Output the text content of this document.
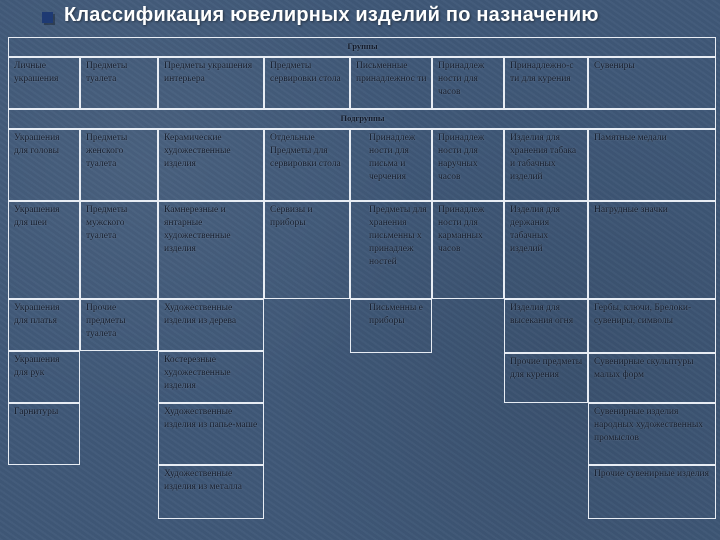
Классификация ювелирных изделий по назначению
Группы
Подгруппы
Личные украшения
Предметы туалета
Предметы украшения интерьера
Предметы сервировки стола
Письменные принадлежнос ти
Принадлеж ности для часов
Принадлежно-с ти для курения
Сувениры
Украшения для головы
Украшения для шеи
Украшения для платья
Украшения для рук
Гарнитуры
Предметы женского туалета
Предметы мужского туалета
Прочие предметы туалета
Керамические художественные изделия
Камнерезные и янтарные художественные изделия
Художественные изделия из дерева
Костерезные художественные изделия
Художественные изделия из папье-маше
Художественные изделия из металла
Отдельные Предметы для сервировки стола
Сервизы и приборы
Принадлеж ности для письма и черчения
Предметы для хранения письменны х принадлеж ностей
Письменны е приборы
Принадлеж ности для наручных часов
Принадлеж ности для карманных часов
Изделия для хранения табака и табачных изделий
Изделия для держания табачных изделий
Изделия для высекания огня
Прочие предметы для курения
Памятные медали
Нагрудные значки
Гербы, ключи, Брелоки-сувениры, символы
Сувенирные скульптуры малых форм
Сувенирные изделия народных художественных промыслов
Прочие сувенирные изделия
